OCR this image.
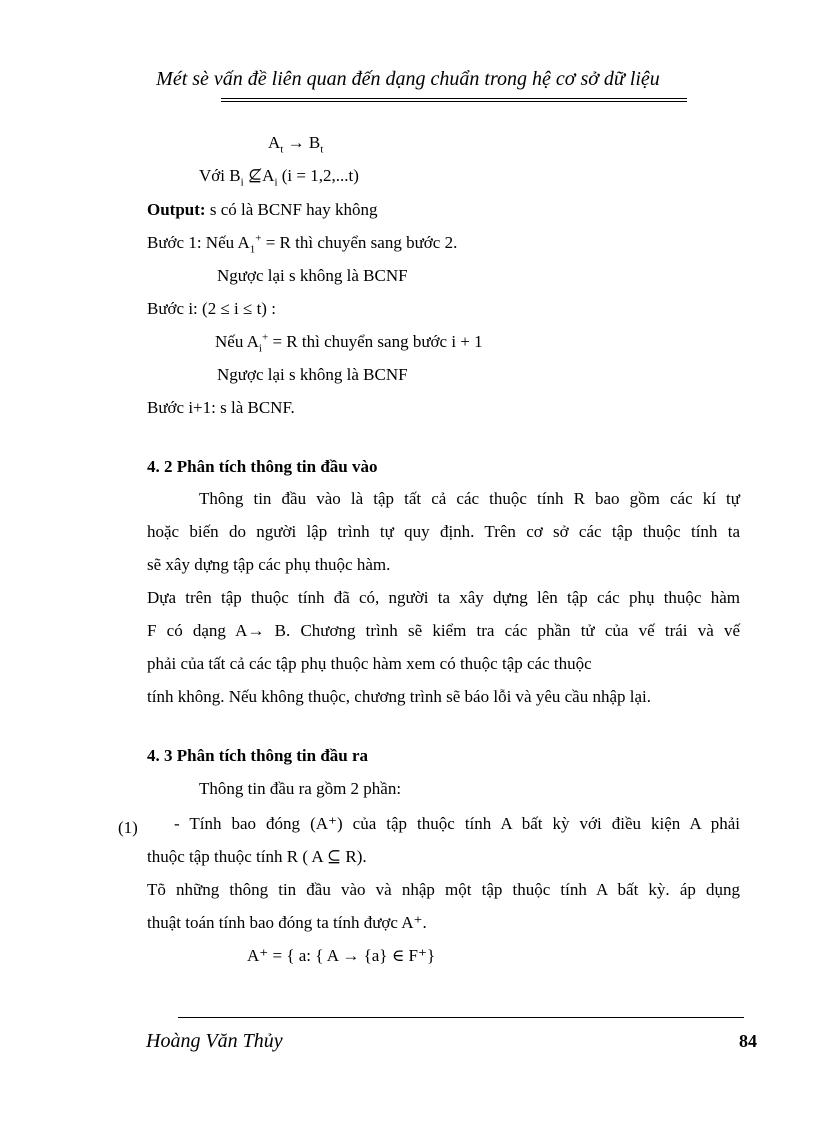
Mét sè vấn đề liên quan đến dạng chuẩn trong hệ cơ sở dữ liệu
$A_t \to B_t$
Với $B_i$ $⊈A_i$ (i = 1,2,...t)
Output: s có là BCNF hay không
Bước 1: Nếu $A_1^+ = R$ thì chuyển sang bước 2.
Ngược lại s không là BCNF
Bước i: (2 ≤ i ≤ t) :
Nếu $A_i^+ = R$ thì chuyển sang bước i + 1
Ngược lại s không là BCNF
Bước i+1: s là BCNF.
4. 2 Phân tích thông tin đầu vào
Thông tin đầu vào là tập tất cả các thuộc tính R bao gồm các kí tự
hoặc biến do người lập trình tự quy định. Trên cơ sở các tập thuộc tính ta
sẽ xây dựng tập các phụ thuộc hàm.
Dựa trên tập thuộc tính đã có, người ta xây dựng lên tập các phụ thuộc hàm
F có dạng A→ B. Chương trình sẽ kiểm tra các phần tử của vế trái và vế
phải của tất cả các tập phụ thuộc hàm xem có thuộc tập các thuộc
tính không. Nếu không thuộc, chương trình sẽ báo lỗi và yêu cầu nhập lại.
4. 3 Phân tích thông tin đầu ra
Thông tin đầu ra gồm 2 phần:
(1) - Tính bao đóng (A⁺) của tập thuộc tính A bất kỳ với điều kiện A phải
thuộc tập thuộc tính R ( A ⊆ R).
Tõ những thông tin đầu vào và nhập một tập thuộc tính A bất kỳ. áp dụng
thuật toán tính bao đóng ta tính được A⁺.
A⁺ = { a: { A → {a} ∈ F⁺}
Hoàng Văn Thủy	84
